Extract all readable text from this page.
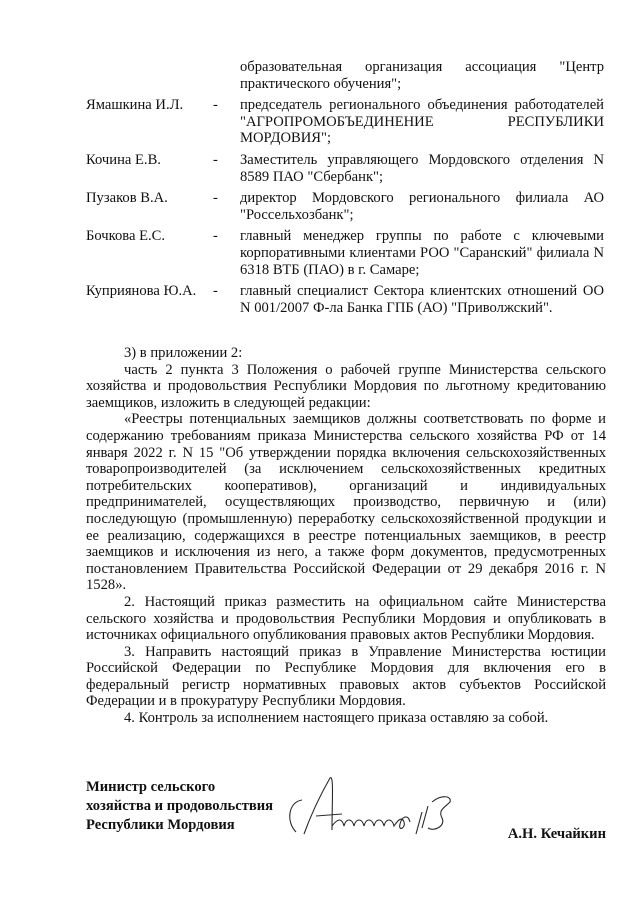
образовательная организация ассоциация "Центр практического обучения";
Ямашкина И.Л.	-	председатель регионального объединения работодателей "АГРОПРОМОБЪЕДИНЕНИЕ РЕСПУБЛИКИ МОРДОВИЯ";
Кочина Е.В.	-	Заместитель управляющего Мордовского отделения N 8589 ПАО "Сбербанк";
Пузаков В.А.	-	директор Мордовского регионального филиала АО "Россельхозбанк";
Бочкова Е.С.	-	главный менеджер группы по работе с ключевыми корпоративными клиентами РОО "Саранский" филиала N 6318 ВТБ (ПАО) в г. Самаре;
Куприянова Ю.А.	-	главный специалист Сектора клиентских отношений ОО N 001/2007 Ф-ла Банка ГПБ (АО) "Приволжский".

3) в приложении 2:

часть 2 пункта 3 Положения о рабочей группе Министерства сельского хозяйства и продовольствия Республики Мордовия по льготному кредитованию заемщиков, изложить в следующей редакции:

«Реестры потенциальных заемщиков должны соответствовать по форме и содержанию требованиям приказа Министерства сельского хозяйства РФ от 14 января 2022 г. N 15 "Об утверждении порядка включения сельскохозяйственных товаропроизводителей (за исключением сельскохозяйственных кредитных потребительских кооперативов), организаций и индивидуальных предпринимателей, осуществляющих производство, первичную и (или) последующую (промышленную) переработку сельскохозяйственной продукции и ее реализацию, содержащихся в реестре потенциальных заемщиков, в реестр заемщиков и исключения из него, а также форм документов, предусмотренных постановлением Правительства Российской Федерации от 29 декабря 2016 г. N 1528».

2. Настоящий приказ разместить на официальном сайте Министерства сельского хозяйства и продовольствия Республики Мордовия и опубликовать в источниках официального опубликования правовых актов Республики Мордовия.

3. Направить настоящий приказ в Управление Министерства юстиции Российской Федерации по Республике Мордовия для включения его в федеральный регистр нормативных правовых актов субъектов Российской Федерации и в прокуратуру Республики Мордовия.

4. Контроль за исполнением настоящего приказа оставляю за собой.

Министр сельского
хозяйства и продовольствия
Республики Мордовия
А.Н. Кечайкин
